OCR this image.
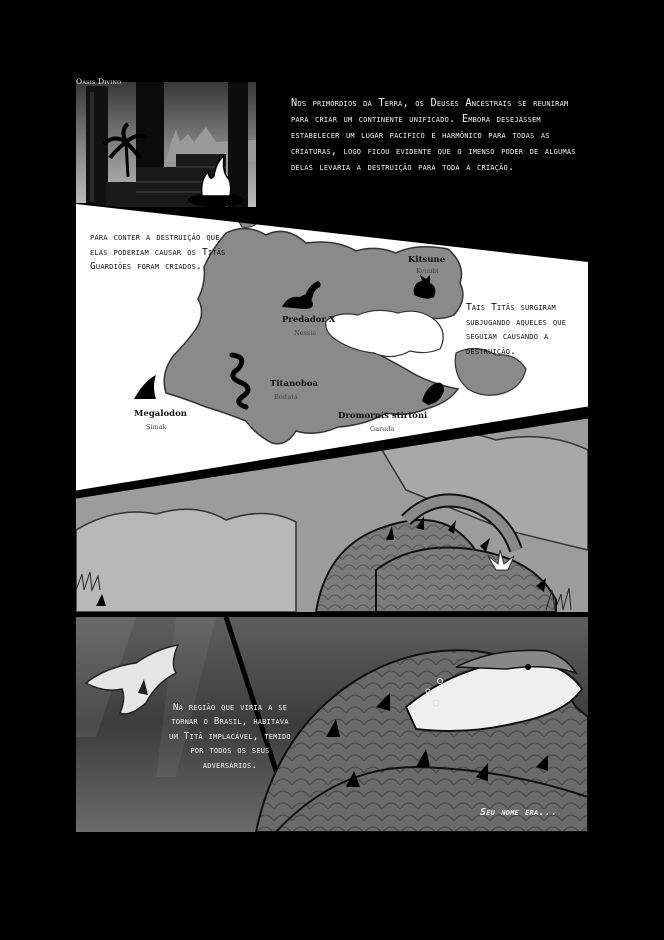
Oásis Divino
Nos primórdios da Terra, os Deuses Ancestrais se reuniram para criar um continente unificado. Embora desejassem estabelecer um lugar pacífico e harmônico para todas as criaturas, logo ficou evidente que o imenso poder de algumas delas levaria a destruição para toda a criação.
para conter a destruição que elas poderiam causar os Titãs Guardiões foram criados.
Tais Titãs surgiram subjugando aqueles que seguiam causando a destruição.
Kitsune
Kyuubi
Predador X
Nessie
Titanoboa
Boitatá
Megalodon
Simak
Dromornis stirtoni
Garuda
Na região que viria a se tornar o Brasil, habitava um Titã implacável, temido por todos os seus adversários.
Seu nome era...
